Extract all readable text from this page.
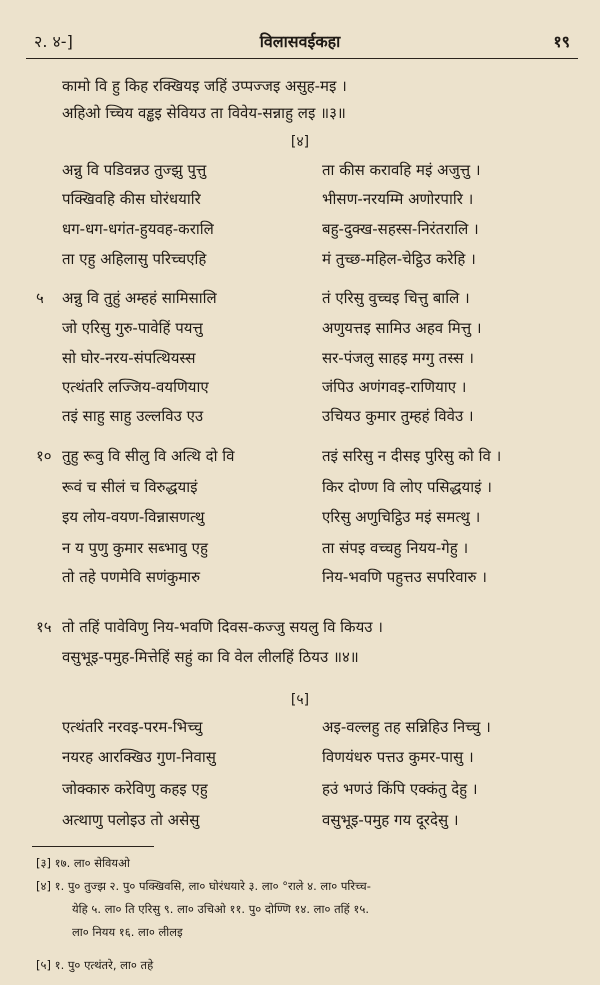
२. ४-]	विलासवईकहा	१९
कामो वि हु किह रक्खियइ जहिं उप्पज्जइ असुह-मइ ।
अहिओ च्चिय वड्ढइ सेवियउ ता विवेय-सन्नाहु लइ ॥३॥
[४]
अन्नु वि पडिवन्नउ तुज्झु पुत्तु	ता कीस करावहि मइं अजुत्तु ।
पक्खिवहि कीस घोरंधयारि	भीसण-नरयम्मि अणोरपारि ।
धग-धग-धगंत-हुयवह-करालि	बहु-दुक्ख-सहस्स-निरंतरालि ।
ता एहु अहिलासु परिच्चएहि	मं तुच्छ-महिल-चेट्ठिउ करेहि ।
५ अन्नु वि तुहुं अम्हहं सामिसालि	तं एरिसु वुच्चइ चित्तु बालि ।
जो एरिसु गुरु-पावेहिं पयत्तु	अणुयत्तइ सामिउ अहव मित्तु ।
सो घोर-नरय-संपत्थियस्स	सर-पंजलु साहइ मग्गु तस्स ।
एत्थंतरि लज्जिय-वयणियाए	जंपिउ अणंगवइ-राणियाए ।
तइं साहु साहु उल्लविउ एउ	उचियउ कुमार तुम्हहं विवेउ ।
१० तुहु रूवु वि सीलु वि अत्थि दो वि	तइं सरिसु न दीसइ पुरिसु को वि ।
रूवं च सीलं च विरुद्धयाइं	किर दोण्ण वि लोए पसिद्धयाइं ।
इय लोय-वयण-विन्नासणत्थु	एरिसु अणुचिट्ठिउ मइं समत्थु ।
न य पुणु कुमार सब्भावु एहु	ता संपइ वच्चहु नियय-गेहु ।
तो तहे पणमेवि सणंकुमारु	निय-भवणि पहुत्तउ सपरिवारु ।
१५ तो तहिं पावेविणु निय-भवणि दिवस-कज्जु सयलु वि कियउ ।
वसुभूइ-पमुह-मित्तेहिं सहुं का वि वेल लीलहिं ठियउ ॥४॥
[५]
एत्थंतरि नरवइ-परम-भिच्चु	अइ-वल्लहु तह सन्निहिउ निच्चु ।
नयरह आरक्खिउ गुण-निवासु	विणयंधरु पत्तउ कुमर-पासु ।
जोक्कारु करेविणु कहइ एहु	हउं भणउं किंपि एक्कंतु देहु ।
अत्थाणु पलोइउ तो असेसु	वसुभूइ-पमुह गय दूरदेसु ।
[३] १७. ला० सेवियओ
[४] १. पु० तुज्झ २. पु० पक्खिवसि, ला० घोरंधयारे ३. ला० °राले ४. ला० परिच्च-
येहि ५. ला० ति एरिसु ९. ला० उचिओ ११. पु० दोण्णि १४. ला० तहिं १५.
ला० नियय १६. ला० लीलइ
[५] १. पु० एत्थंतरे, ला० तहे
